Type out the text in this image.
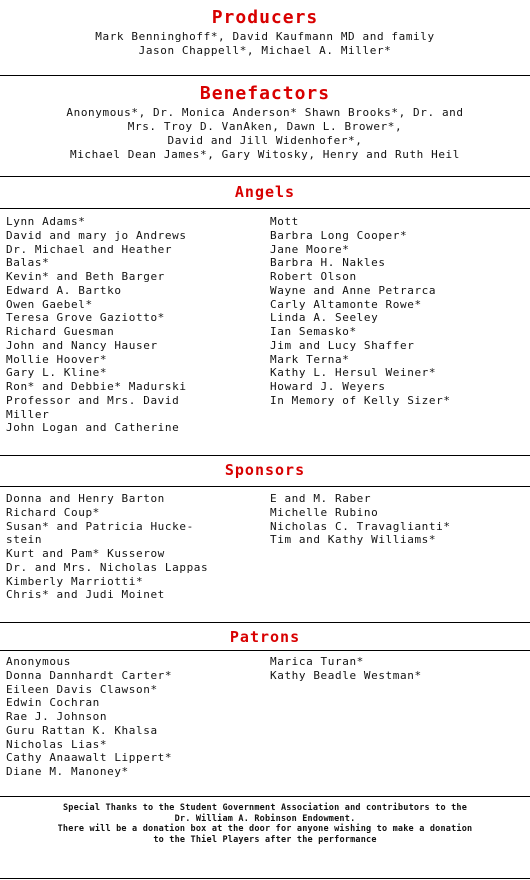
Producers
Mark Benninghoff*, David Kaufmann MD and family
Jason Chappell*, Michael A. Miller*
Benefactors
Anonymous*, Dr. Monica Anderson* Shawn Brooks*, Dr. and
Mrs. Troy D. VanAken, Dawn L. Brower*,
David and Jill Widenhofer*,
Michael Dean James*, Gary Witosky, Henry and Ruth Heil
Angels
Lynn Adams*
David and mary jo Andrews
Dr. Michael and Heather
Balas*
Kevin* and Beth Barger
Edward A. Bartko
Owen Gaebel*
Teresa Grove Gaziotto*
Richard Guesman
John and Nancy Hauser
Mollie Hoover*
Gary L. Kline*
Ron* and Debbie* Madurski
Professor and Mrs. David
Miller
John Logan and Catherine
Mott
Barbra Long Cooper*
Jane Moore*
Barbra H. Nakles
Robert Olson
Wayne and Anne Petrarca
Carly Altamonte Rowe*
Linda A. Seeley
Ian Semasko*
Jim and Lucy Shaffer
Mark Terna*
Kathy L. Hersul Weiner*
Howard J. Weyers
In Memory of Kelly Sizer*
Sponsors
Donna and Henry Barton
Richard Coup*
Susan* and Patricia Hucke-
stein
Kurt and Pam* Kusserow
Dr. and Mrs. Nicholas Lappas
Kimberly Marriotti*
Chris* and Judi Moinet
E and M. Raber
Michelle Rubino
Nicholas C. Travaglianti*
Tim and Kathy Williams*
Patrons
Anonymous
Donna Dannhardt Carter*
Eileen Davis Clawson*
Edwin Cochran
Rae J. Johnson
Guru Rattan K. Khalsa
Nicholas Lias*
Cathy Anaawalt Lippert*
Diane M. Manoney*
Marica Turan*
Kathy Beadle Westman*
Special Thanks to the Student Government Association and contributors to the
Dr. William A. Robinson Endowment.
There will be a donation box at the door for anyone wishing to make a donation
to the Thiel Players after the performance
